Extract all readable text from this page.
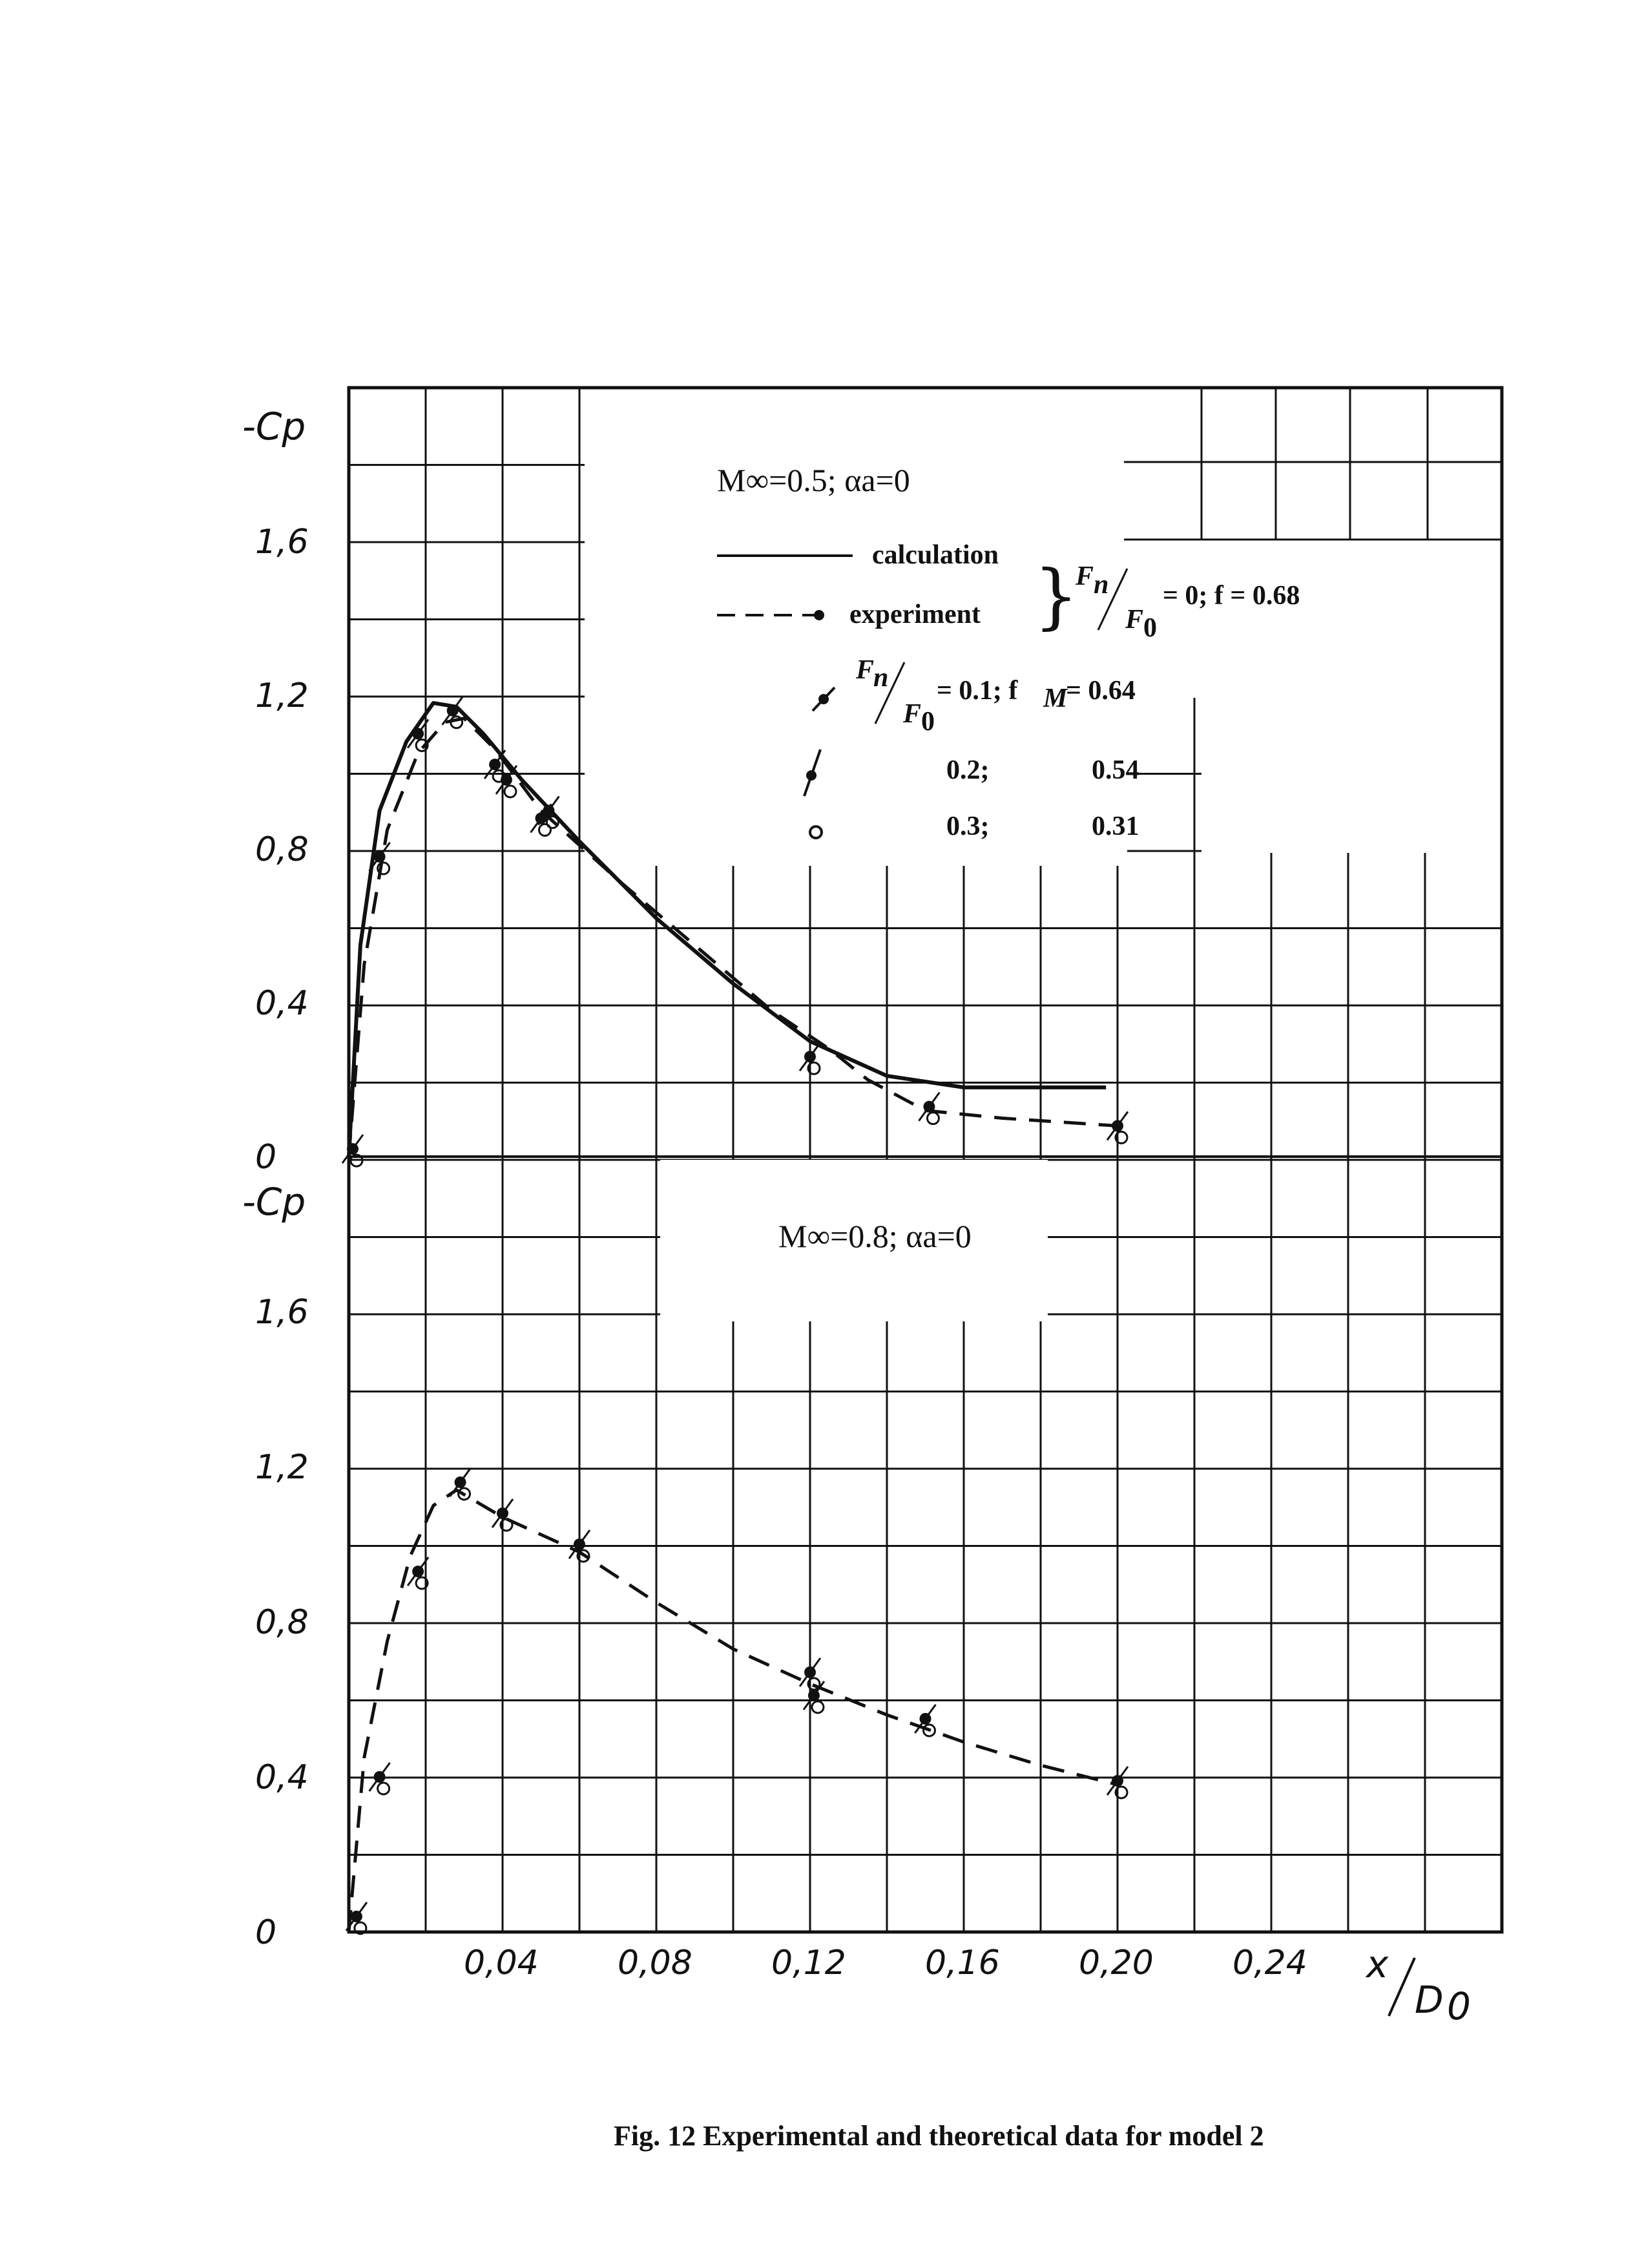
M∞=0.5; αa=0
M∞=0.8; αa=0
calculation
experiment }
F n
F 0
= 0; f = 0.68
F
n
F 0
= 0.1; f M
= 0.64
0.2;	0.54
0.3;	0.31
-Cp
0
0,4
0,8
1,2
1,6
-Cp
0
0,4
0,8
1,2
1,6
0,04 0,08 0,12 0,16 0,20 0,24 x
D 0
Fig. 12 Experimental and theoretical data for model 2
